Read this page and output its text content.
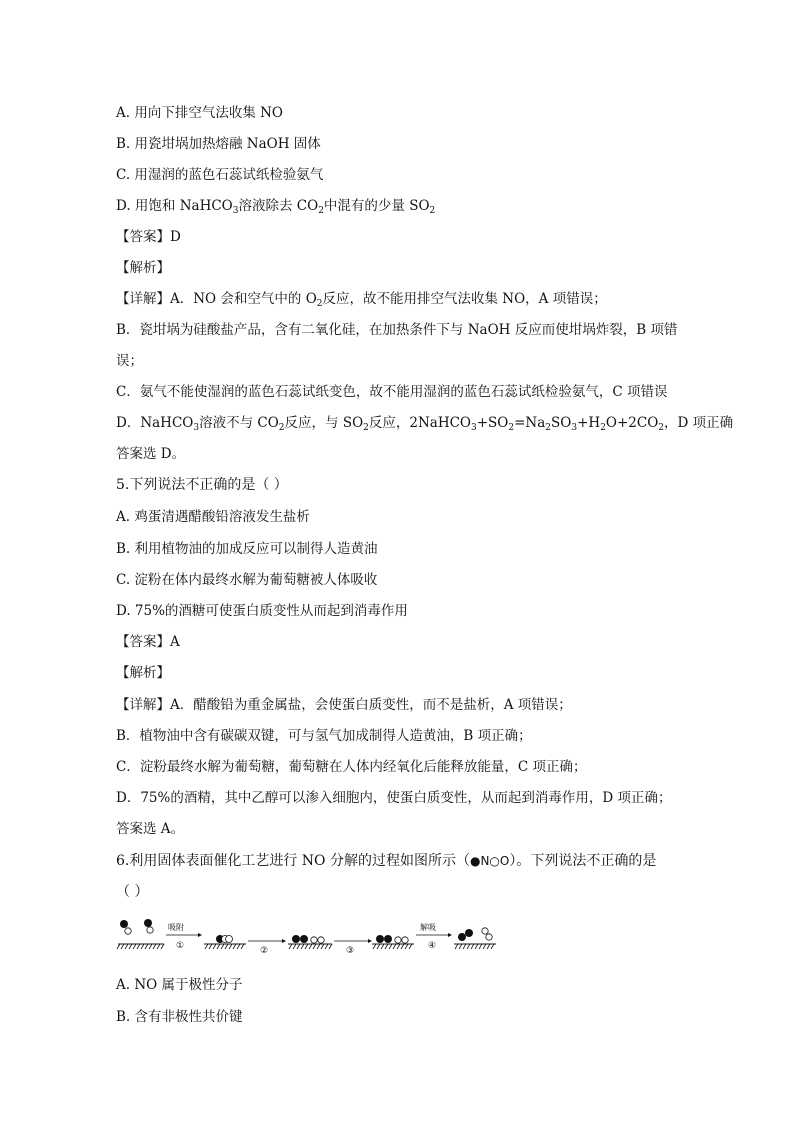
A. 用向下排空气法收集 NO
B. 用瓷坩埚加热熔融 NaOH 固体
C. 用湿润的蓝色石蕊试纸检验氨气
D. 用饱和 NaHCO$_3$溶液除去 $CO_2$中混有的少量 $SO_2$
【答案】D
【解析】
【详解】A．NO 会和空气中的 $O_2$反应，故不能用排空气法收集 NO，A 项错误；
B．瓷坩埚为硅酸盐产品，含有二氧化硅，在加热条件下与 NaOH 反应而使坩埚炸裂，B 项错
误；
C．氨气不能使湿润的蓝色石蕊试纸变色，故不能用湿润的蓝色石蕊试纸检验氨气，C 项错误
D．NaHCO$_3$溶液不与 $CO_2$反应，与 $SO_2$反应，$2NaHCO_3+SO_2=Na_2SO_3+H_2O+2CO_2$，D 项正确
答案选 D。
5.下列说法不正确的是（ ）
A. 鸡蛋清遇醋酸铅溶液发生盐析
B. 利用植物油的加成反应可以制得人造黄油
C. 淀粉在体内最终水解为葡萄糖被人体吸收
D. 75%的酒糖可使蛋白质变性从而起到消毒作用
【答案】A
【解析】
【详解】A．醋酸铅为重金属盐，会使蛋白质变性，而不是盐析，A 项错误；
B．植物油中含有碳碳双键，可与氢气加成制得人造黄油，B 项正确；
C．淀粉最终水解为葡萄糖，葡萄糖在人体内经氧化后能释放能量，C 项正确；
D．75%的酒精，其中乙醇可以渗入细胞内，使蛋白质变性，从而起到消毒作用，D 项正确；
答案选 A。
6.利用固体表面催化工艺进行 NO 分解的过程如图所示（●N○O）。下列说法不正确的是
（ ）
吸附
①	②	③
解吸
④
A. NO 属于极性分子
B. 含有非极性共价键
